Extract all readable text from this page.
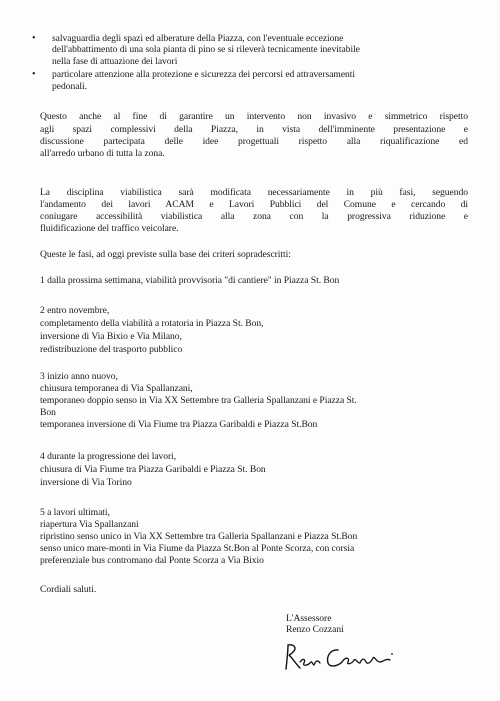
• salvaguardia degli spazi ed alberature della Piazza, con l'eventuale eccezione
dell'abbattimento di una sola pianta di pino se si rileverà tecnicamente inevitabile
nella fase di attuazione dei lavori
• particolare attenzione alla protezione e sicurezza dei percorsi ed attraversamenti
pedonali.
Questo anche al fine di garantire un intervento non invasivo e simmetrico rispetto
agli spazi complessivi della Piazza, in vista dell'imminente presentazione e
discussione partecipata delle idee progettuali rispetto alla riqualificazione ed
all'arredo urbano di tutta la zona.
La disciplina viabilistica sarà modificata necessariamente in più fasi, seguendo
l'andamento dei lavori ACAM e Lavori Pubblici del Comune e cercando di
coniugare accessibilità viabilistica alla zona con la progressiva riduzione e
fluidificazione del traffico veicolare.
Queste le fasi, ad oggi previste sulla base dei criteri sopradescritti:
1 dalla prossima settimana, viabilità provvisoria "di cantiere" in Piazza St. Bon
2 entro novembre,
completamento della viabilità a rotatoria in Piazza St. Bon,
inversione di Via Bixio e Via Milano,
redistribuzione del trasporto pubblico
3 inizio anno nuovo,
chiusura temporanea di Via Spallanzani,
temporaneo doppio senso in Via XX Settembre tra Galleria Spallanzani e Piazza St.
Bon
temporanea inversione di Via Fiume tra Piazza Garibaldi e Piazza St.Bon
4 durante la progressione dei lavori,
chiusura di Via Fiume tra Piazza Garibaldi e Piazza St. Bon
inversione di Via Torino
5 a lavori ultimati,
riapertura Via Spallanzani
ripristino senso unico in Via XX Settembre tra Galleria Spallanzani e Piazza St.Bon
senso unico mare-monti in Via Fiume da Piazza St.Bon al Ponte Scorza, con corsia
preferenziale bus contromano dal Ponte Scorza a Via Bixio
Cordiali saluti.
L'Assessore
Renzo Cozzani
